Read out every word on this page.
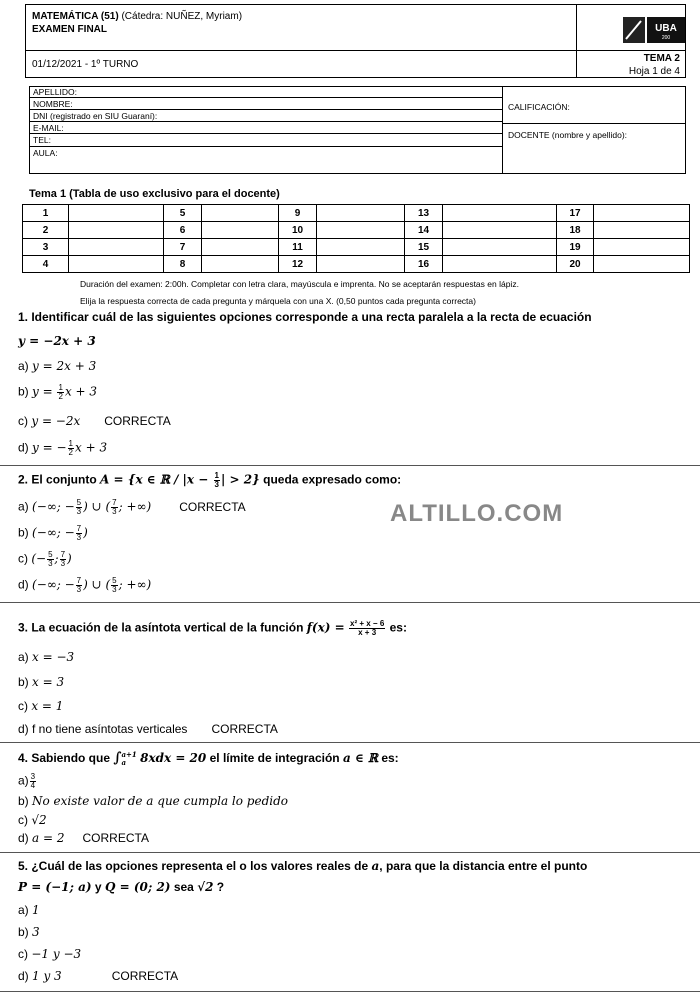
MATEMÁTICA (51) (Cátedra: NUÑEZ, Myriam)
EXAMEN FINAL
01/12/2021 - 1º TURNO
UBA
200
TEMA 2
Hoja 1 de 4
APELLIDO:
NOMBRE:
DNI (registrado en SIU Guaraní):
E-MAIL:
TEL:
AULA:
CALIFICACIÓN:
DOCENTE (nombre y apellido):
Tema 1 (Tabla de uso exclusivo para el docente)
1		5		9		13		17	
2		6		10		14		18	
3		7		11		15		19	
4		8		12		16		20	
Duración del examen: 2:00h. Completar con letra clara, mayúscula e imprenta. No se aceptarán respuestas en lápiz.
Elija la respuesta correcta de cada pregunta y márquela con una X. (0,50 puntos cada pregunta correcta)
1. Identificar cuál de las siguientes opciones corresponde a una recta paralela a la recta de ecuación
y = −2x + 3
a) y = 2x + 3
b) $y = \frac{1}{2}$ x + 3
c) y = −2x CORRECTA
d) y = − $\frac{1}{2}$ x + 3
2. El conjunto A = {x ∈ ℝ / $|x - \frac{1}{3}$ | > 2} queda expresado como:
a) (−∞; − $\frac{5}{3}$ ) ∪ ( $\frac{7}{3}$ ; +∞) CORRECTA
b) (−∞; − $\frac{7}{3}$ )
c) (− $\frac{5}{3}$ ; $\frac{7}{3}$ )
d) (−∞; − $\frac{7}{3}$ ) ∪ ( $\frac{5}{3}$ ; +∞)
ALTILLO.COM
3. La ecuación de la asíntota vertical de la función $f(x) = \frac{\text{x² + x − 6}}{x + 3}$ es:
a) x = −3
b) x = 3
c) x = 1
d) f no tiene asíntotas verticales CORRECTA
4. Sabiendo que ∫ a+1
a	8xdx = 20 el límite de integración a ∈ ℝ es:
$a) \frac{3}{4}$
b) No existe valor de a que cumpla lo pedido
c) √2
d) a = 2 CORRECTA
5. ¿Cuál de las opciones representa el o los valores reales de a, para que la distancia entre el punto
P = (−1; a) y Q = (0; 2) sea √2 ?
a) 1
b) 3
c) −1 y −3
d) 1 y 3	CORRECTA
